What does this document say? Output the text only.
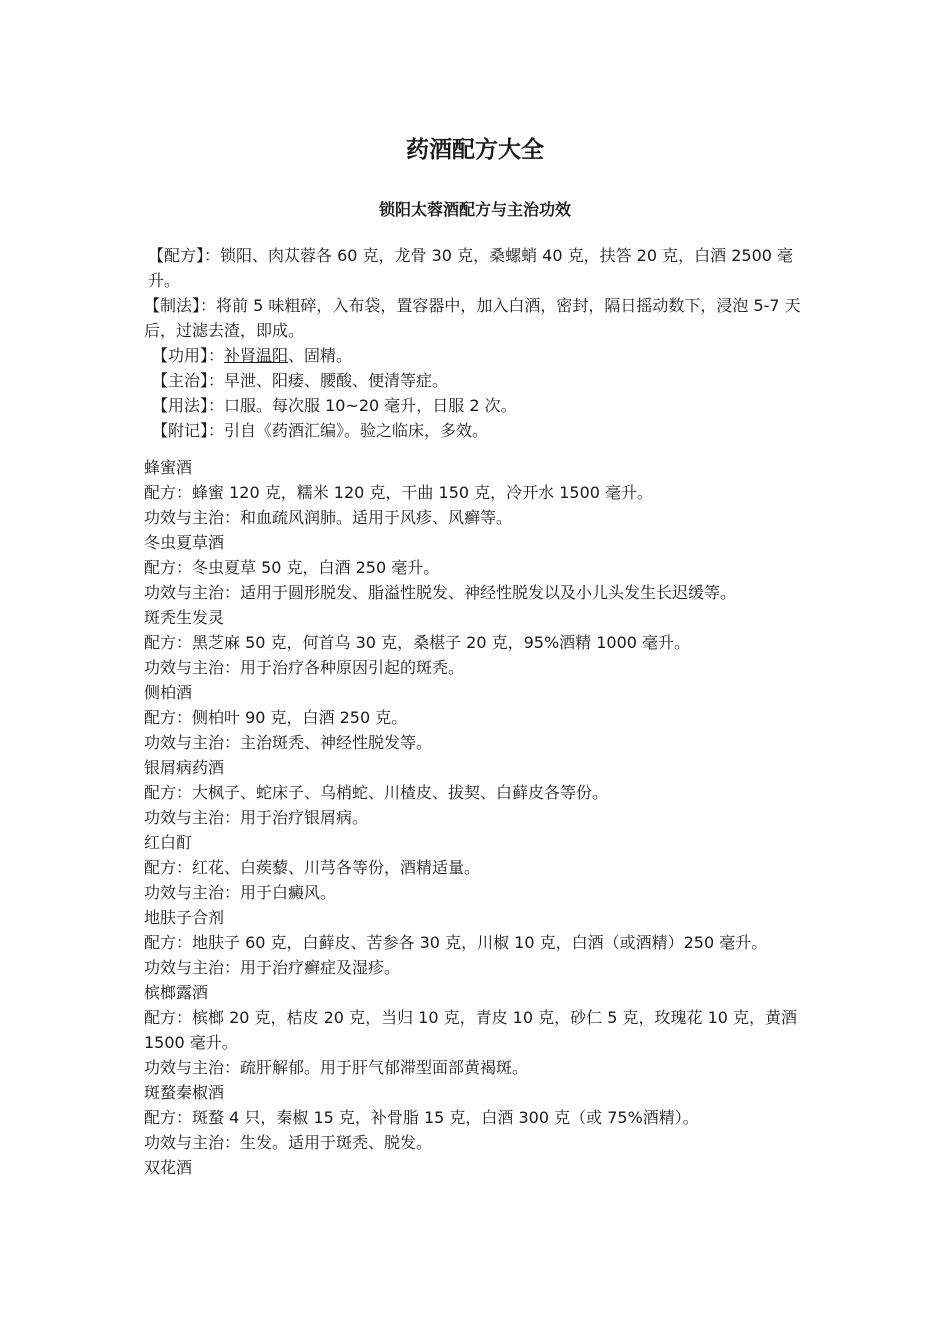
药酒配方大全
锁阳太蓉酒配方与主治功效

【配方】：锁阳、肉苁蓉各 60 克，龙骨 30 克，桑螺蛸 40 克，扶答 20 克，白酒 2500 毫升。

【制法】：将前 5 味粗碎，入布袋，置容器中，加入白酒，密封，隔日摇动数下，浸泡 5-7 天后，过滤去渣，即成。

【功用】：补肾温阳、固精。

【主治】：早泄、阳痿、腰酸、便清等症。

【用法】：口服。每次服 10~20 毫升，日服 2 次。

【附记】：引自《药酒汇编》。验之临床，多效。

蜂蜜酒

配方：蜂蜜 120 克，糯米 120 克，干曲 150 克，冷开水 1500 毫升。

功效与主治：和血疏风润肺。适用于风疹、风癣等。

冬虫夏草酒

配方：冬虫夏草 50 克，白酒 250 毫升。

功效与主治：适用于圆形脱发、脂溢性脱发、神经性脱发以及小儿头发生长迟缓等。

斑秃生发灵

配方：黑芝麻 50 克，何首乌 30 克，桑椹子 20 克，95%酒精 1000 毫升。

功效与主治：用于治疗各种原因引起的斑秃。

侧柏酒

配方：侧柏叶 90 克，白酒 250 克。

功效与主治：主治斑秃、神经性脱发等。

银屑病药酒

配方：大枫子、蛇床子、乌梢蛇、川楂皮、拔契、白藓皮各等份。

功效与主治：用于治疗银屑病。

红白酊

配方：红花、白蒺藜、川芎各等份，酒精适量。

功效与主治：用于白癜风。

地肤子合剂

配方：地肤子 60 克，白藓皮、苦参各 30 克，川椒 10 克，白酒（或酒精）250 毫升。

功效与主治：用于治疗癣症及湿疹。

槟榔露酒

配方：槟榔 20 克，桔皮 20 克，当归 10 克，青皮 10 克，砂仁 5 克，玫瑰花 10 克，黄酒 1500 毫升。

功效与主治：疏肝解郁。用于肝气郁滞型面部黄褐斑。

斑蝥秦椒酒

配方：斑蝥 4 只，秦椒 15 克，补骨脂 15 克，白酒 300 克（或 75%酒精）。

功效与主治：生发。适用于斑秃、脱发。

双花酒
